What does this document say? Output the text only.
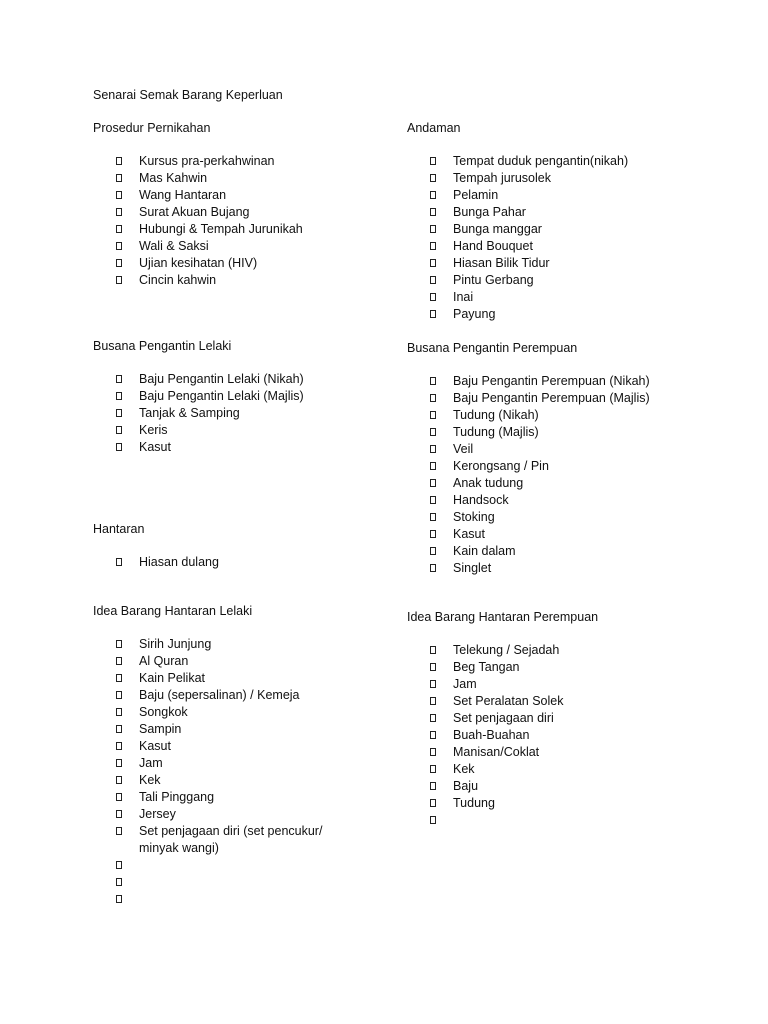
Senarai Semak Barang Keperluan
Prosedur Pernikahan
Kursus pra-perkahwinan
Mas Kahwin
Wang Hantaran
Surat Akuan Bujang
Hubungi & Tempah Jurunikah
Wali & Saksi
Ujian kesihatan (HIV)
Cincin kahwin
Andaman
Tempat duduk pengantin(nikah)
Tempah jurusolek
Pelamin
Bunga Pahar
Bunga manggar
Hand Bouquet
Hiasan Bilik Tidur
Pintu Gerbang
Inai
Payung
Busana Pengantin Lelaki
Baju Pengantin Lelaki (Nikah)
Baju Pengantin Lelaki (Majlis)
Tanjak & Samping
Keris
Kasut
Busana Pengantin Perempuan
Baju Pengantin Perempuan (Nikah)
Baju Pengantin Perempuan (Majlis)
Tudung (Nikah)
Tudung (Majlis)
Veil
Kerongsang / Pin
Anak tudung
Handsock
Stoking
Kasut
Kain dalam
Singlet
Hantaran
Hiasan dulang
Idea Barang Hantaran Lelaki
Sirih Junjung
Al Quran
Kain Pelikat
Baju (sepersalinan) / Kemeja
Songkok
Sampin
Kasut
Jam
Kek
Tali Pinggang
Jersey
Set penjagaan diri (set pencukur/ minyak wangi)
Idea Barang Hantaran Perempuan
Telekung / Sejadah
Beg Tangan
Jam
Set Peralatan Solek
Set penjagaan diri
Buah-Buahan
Manisan/Coklat
Kek
Baju
Tudung
